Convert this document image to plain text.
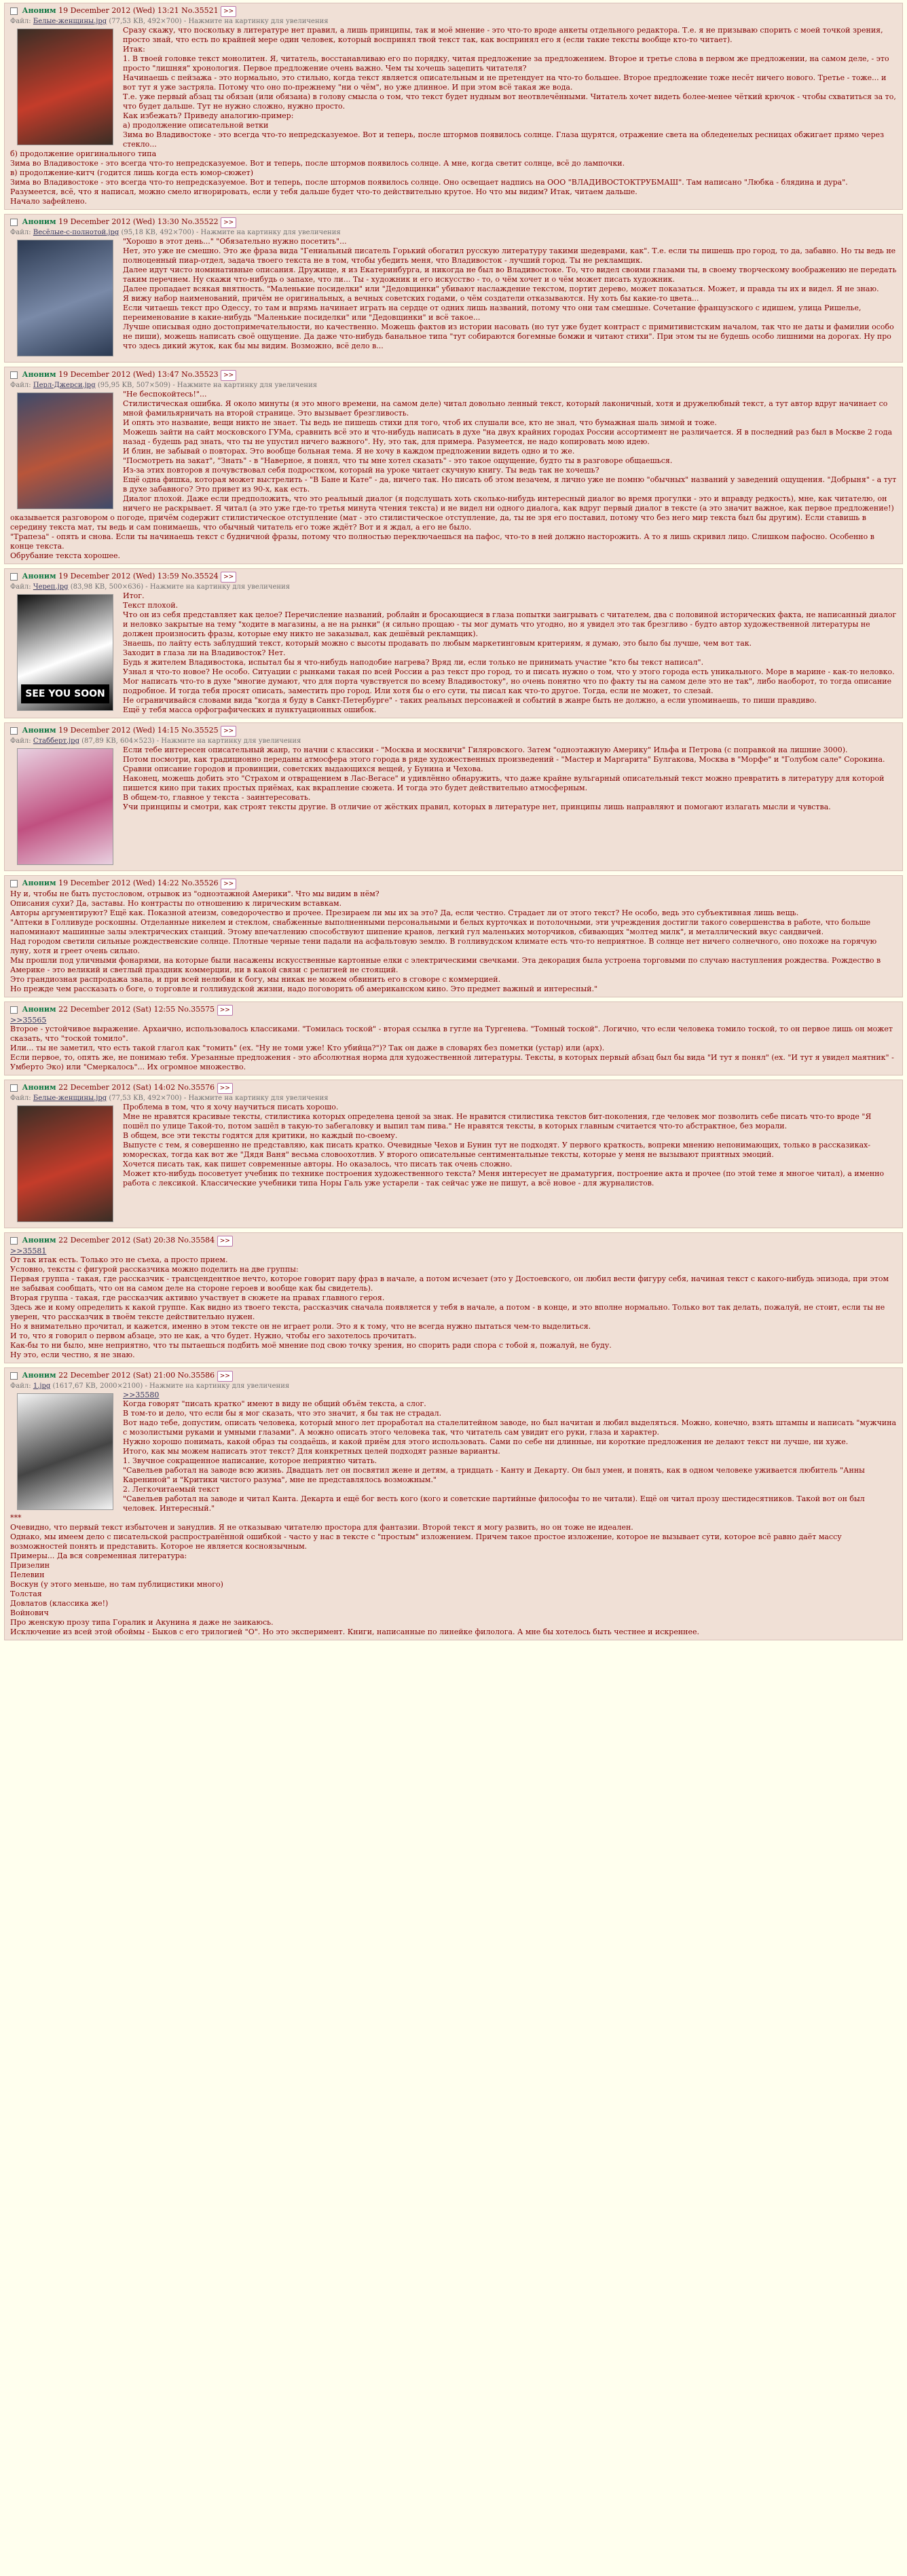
Аноним 19 December 2012 (Wed) 13:21 No.35521 >>
Файл: Белые-женщины.jpg (77,53 KB, 492×700) - Нажмите на картинку для увеличения
Сразу скажу, что поскольку в литературе нет правил, а лишь принципы, так и моё мнение - это что-то вроде анкеты отдельного редактора. Т.е. я не призываю спорить с моей точкой зрения, просто знай, что есть по крайней мере один человек, который воспринял твой текст так, как воспринял его я (если такие тексты вообще кто-то читает).
Итак:
1. В твоей головке текст монолитен. Я, читатель, восстанавливаю его по порядку, читая предложение за предложением. Второе и третье слова в первом же предложении, на самом деле, - это просто "лишняя" хронология. Первое предложение очень важно. Чем ты хочешь зацепить читателя?
Начинаешь с пейзажа - это нормально, это стильно, когда текст является описательным и не претендует на что-то большее. Второе предложение тоже несёт ничего нового. Третье - тоже... и вот тут я уже застряла. Потому что оно по-прежнему "ни о чём", но уже длинное. И при этом всё такая же вода.
Т.е. уже первый абзац ты обязан (или обязана) в голову смысла о том, что текст будет нудным вот неотвлечёнными. Читатель хочет видеть более-менее чёткий крючок - чтобы схватиться за то, что будет дальше. Тут не нужно сложно, нужно просто.
Как избежать? Приведу аналогию-пример:
а) продолжение описательной ветки
Зима во Владивостоке - это всегда что-то непредсказуемое. Вот и теперь, после штормов появилось солнце. Глаза щурятся, отражение света на обледенелых ресницах обжигает прямо через стекло...
б) продолжение оригинального типа
Зима во Владивостоке - это всегда что-то непредсказуемое. Вот и теперь, после штормов появилось солнце. А мне, когда светит солнце, всё до лампочки.
в) продолжение-китч (годится лишь когда есть юмор-сюжет)
Зима во Владивостоке - это всегда что-то непредсказуемое. Вот и теперь, после штормов появилось солнце. Оно освещает надпись на ООО "ВЛАДИВОСТОКТРУБМАШ". Там написано "Любка - блядина и дура".
Разумеется, всё, что я написал, можно смело игнорировать, если у тебя дальше будет что-то действительно крутое. Но что мы видим? Итак, читаем дальше.
Начало зафейлено.
Аноним 19 December 2012 (Wed) 13:30 No.35522 >>
Файл: Весёлые-с-полнотой.jpg (95,18 KB, 492×700) - Нажмите на картинку для увеличения
"Хорошо в этот день..." "Обязательно нужно посетить"...
Нет, это уже не смешно. Это же фраза вида "Гениальный писатель Горький обогатил русскую литературу такими шедеврами, как". Т.е. если ты пишешь про город, то да, забавно. Но ты ведь не полноценный пиар-отдел, задача твоего текста не в том, чтобы убедить меня, что Владивосток - лучший город. Ты не рекламщик.
Далее идут чисто номинативные описания. Дружище, я из Екатеринбурга, и никогда не был во Владивостоке. То, что видел своими глазами ты, в своему творческому воображению не передать таким перечнем. Ну скажи что-нибудь о запахе, что ли... Ты - художник и его искусство - то, о чём хочет и о чём может писать художник.
Далее пропадает всякая внятность. "Маленькие посиделки" или "Дедовщинки" убивают наслаждение текстом, портит дерево, может показаться. Может, и правда ты их и видел. Я не знаю.
Я вижу набор наименований, причём не оригинальных, а вечных советских годами, о чём создатели отказываются. Ну хоть бы какие-то цвета...
Если читаешь текст про Одессу, то там и впрямь начинает играть на сердце от одних лишь названий, потому что они там смешные. Сочетание французского с идишем, улица Ришелье, переименование в какие-нибудь "Маленькие посиделки" или "Дедовщинки" и всё такое...
Лучше описывая одно достопримечательности, но качественно. Можешь фактов из истории насовать (но тут уже будет контраст с примитивистским началом, так что не даты и фамилии особо не пиши), можешь написать своё ощущение. Да даже что-нибудь банальное типа "тут собираются богемные бомжи и читают стихи". При этом ты не будешь особо лишними на дорогах. Ну про что здесь дикий жуток, как бы мы видим. Возможно, всё дело в...
Аноним 19 December 2012 (Wed) 13:47 No.35523 >>
Файл: Перл-Джерси.jpg (95,95 KB, 507×509) - Нажмите на картинку для увеличения
"Не беспокойтесь!"...
Стилистическая ошибка. Я около минуты (я это много времени, на самом деле) читал довольно ленный текст, который лаконичный, хотя и дружелюбный текст, а тут автор вдруг начинает со мной фамильярничать на второй странице. Это вызывает брезгливость.
И опять это название, вещи никто не знает. Ты ведь не пишешь стихи для того, чтоб их слушали все, кто не знал, что бумажная шаль зимой и тоже.
Можешь зайти на сайт московского ГУМа, сравнить всё это и что-нибудь написать в духе "на двух крайних городах России ассортимент не различается. Я в последний раз был в Москве 2 года назад - будешь рад знать, что ты не упустил ничего важного". Ну, это так, для примера. Разумеется, не надо копировать мою идею.
И блин, не забывай о повторах. Это вообще больная тема. Я не хочу в каждом предложении видеть одно и то же.
"Посмотреть на закат", "Знать" - в "Наверное, я понял, что ты мне хотел сказать" - это такое ощущение, будто ты в разговоре общаешься.
Из-за этих повторов я почувствовал себя подростком, который на уроке читает скучную книгу. Ты ведь так не хочешь?
Ещё одна фишка, которая может выстрелить - "В Бане и Кате" - да, ничего так. Но писать об этом незачем, я лично уже не помню "обычных" названий у заведений ощущения. "Добрыня" - а тут в духе забавного? Это привет из 90-х, как есть.
Диалог плохой. Даже если предположить, что это реальный диалог (я подслушать хоть сколько-нибудь интересный диалог во время прогулки - это и вправду редкость), мне, как читателю, он ничего не раскрывает. Я читал (а это уже где-то третья минута чтения текста) и не видел ни одного диалога, как вдруг первый диалог в тексте (а это значит важное, как первое предложение!) оказывается разговором о погоде, причём содержит стилистическое отступление (мат - это стилистическое отступление, да, ты не зря его поставил, потому что без него мир текста был бы другим). Если ставишь в середину текста мат, ты ведь и сам понимаешь, что обычный читатель его тоже ждёт? Вот и я ждал, а его не было.
"Трапеза" - опять и снова. Если ты начинаешь текст с будничной фразы, потому что полностью переключаешься на пафос, что-то в ней должно насторожить. А то я лишь скривил лицо. Слишком пафосно. Особенно в конце текста.
Обрубание текста хорошее.
Аноним 19 December 2012 (Wed) 13:59 No.35524 >>
Файл: Череп.jpg (83,98 KB, 500×636) - Нажмите на картинку для увеличения
SEE YOU SOON
Итог.
Текст плохой.
Что он из себя представляет как целое? Перечисление названий, роблайн и бросающиеся в глаза попытки заигрывать с читателем, два с половиной исторических факта, не написанный диалог и неловко закрытые на тему "ходите в магазины, а не на рынки" (я сильно прощаю - ты мог думать что угодно, но я увидел это так брезгливо - будто автор художественной литературы не должен произносить фразы, которые ему никто не заказывал, как дешёвый рекламщик).
Знаешь, по лайту есть заблудший текст, который можно с высоты продавать по любым маркетинговым критериям, я думаю, это было бы лучше, чем вот так.
Заходит в глаза ли на Владивосток? Нет.
Будь я жителем Владивостока, испытал бы я что-нибудь наподобие нагрева? Вряд ли, если только не принимать участие "кто бы текст написал".
Узнал я что-то новое? Не особо. Ситуации с рынками такая по всей России а раз текст про город, то и писать нужно о том, что у этого города есть уникального. Море в марине - как-то неловко. Мог написать что-то в духе "многие думают, что для порта чувствуется по всему Владивостоку", но очень понятно что по факту ты на самом деле это не так", либо наоборот, то тогда описание подробное. И тогда тебя просят описать, заместить про город. Или хотя бы о его сути, ты писал как что-то другое. Тогда, если не может, то слезай.
Не ограничивайся словами вида "когда я буду в Санкт-Петербурге" - таких реальных персонажей и событий в жанре быть не должно, а если упоминаешь, то пиши правдиво.
Ещё у тебя масса орфографических и пунктуационных ошибок.
Аноним 19 December 2012 (Wed) 14:15 No.35525 >>
Файл: Стабберт.jpg (87,89 KB, 604×523) - Нажмите на картинку для увеличения
Если тебе интересен описательный жанр, то начни с классики - "Москва и москвичи" Гиляровского. Затем "одноэтажную Америку" Ильфа и Петрова (с поправкой на лишние 3000).
Потом посмотри, как традиционно переданы атмосфера этого города в ряде художественных произведений - "Мастер и Маргарита" Булгакова, Москва в "Морфе" и "Голубом сале" Сорокина.
Сравни описание городов и провинции, советских выдающихся вещей, у Бунина и Чехова.
Наконец, можешь добить это "Страхом и отвращением в Лас-Вегасе" и удивлённо обнаружить, что даже крайне вульгарный описательный текст можно превратить в литературу для которой пишется кино при таких простых приёмах, как вкрапление сюжета. И тогда это будет действительно атмосферным.
В общем-то, главное у текста - заинтересовать.
Учи принципы и смотри, как строят тексты другие. В отличие от жёстких правил, которых в литературе нет, принципы лишь направляют и помогают излагать мысли и чувства.
Аноним 19 December 2012 (Wed) 14:22 No.35526 >>
Ну и, чтобы не быть пустословом, отрывок из "одноэтажной Америки". Что мы видим в нём?
Описания сухи? Да, заставы. Но контрасты по отношению к лирическим вставкам.
Авторы аргументируют? Ещё как. Показной атеизм, соведорочество и прочее. Презираем ли мы их за это? Да, если честно. Страдает ли от этого текст? Не особо, ведь это субъективная лишь вещь.
"Аптеки в Голливуде роскошны. Отделанные никелем и стеклом, снабженные выполненными персональными и белых курточках и потолочными, эти учреждения достигли такого совершенства в работе, что больше напоминают машинные залы электрических станций. Этому впечатлению способствуют шипение кранов, легкий гул маленьких моторчиков, сбивающих "молтед милк", и металлический вкус сандвичей.
Над городом светили сильные рождественские солнце. Плотные черные тени падали на асфальтовую землю. В голливудском климате есть что-то неприятное. В солнце нет ничего солнечного, оно похоже на горячую луну, хотя и греет очень сильно.
Мы прошли под уличными фонарями, на которые были насажены искусственные картонные елки с электрическими свечками. Эта декорация была устроена торговыми по случаю наступления рождества. Рождество в Америке - это великий и светлый праздник коммерции, ни в какой связи с религией не стоящий.
Это грандиозная распродажа звала, и при всей нелюбви к богу, мы никак не можем обвинить его в сговоре с коммерцией.
Но прежде чем рассказать о боге, о торговле и голливудской жизни, надо поговорить об американском кино. Это предмет важный и интересный."
Аноним 22 December 2012 (Sat) 12:55 No.35575 >>
>>35565
Второе - устойчивое выражение. Архаично, использовалось классиками. "Томилась тоской" - вторая ссылка в гугле на Тургенева. "Томный тоской". Логично, что если человека томило тоской, то он первое лишь он может сказать, что "тоской томило".
Или... ты не заметил, что есть такой глагол как "томить" (ex. "Ну не томи уже! Кто убийца?")? Так он даже в словарях без пометки (устар) или (арх).
Если первое, то, опять же, не понимаю тебя. Урезанные предложения - это абсолютная норма для художественной литературы. Тексты, в которых первый абзац был бы вида "И тут я понял" (ex. "И тут я увидел маятник" - Умберто Эко) или "Смеркалось"... Их огромное множество.
Аноним 22 December 2012 (Sat) 14:02 No.35576 >>
Файл: Белые-женщины.jpg (77,53 KB, 492×700) - Нажмите на картинку для увеличения
Проблема в том, что я хочу научиться писать хорошо.
Мне не нравятся красивые тексты, стилистика которых определена ценой за знак. Не нравится стилистика текстов бит-поколения, где человек мог позволить себе писать что-то вроде "Я пошёл по улице Такой-то, потом зашёл в такую-то забегаловку и выпил там пива." Не нравятся тексты, в которых главным считается что-то абстрактное, без морали.
В общем, все эти тексты годятся для критики, но каждый по-своему.
Выпусте с тем, я совершенно не представляю, как писать кратко. Очевидные Чехов и Бунин тут не подходят. У первого краткость, вопреки мнению непонимающих, только в рассказиках-юморесках, тогда как вот же "Дядя Ваня" весьма словоохотлив. У второго описательные сентиментальные тексты, которые у меня не вызывают приятных эмоций.
Хочется писать так, как пишет современные авторы. Но оказалось, что писать так очень сложно.
Может кто-нибудь посоветует учебник по технике построения художественного текста? Меня интересует не драматургия, построение акта и прочее (по этой теме я многое читал), а именно работа с лексикой. Классические учебники типа Норы Галь уже устарели - так сейчас уже не пишут, а всё новое - для журналистов.
Аноним 22 December 2012 (Sat) 20:38 No.35584 >>
>>35581
От так итак есть. Только это не съеха, а просто прием.
Условно, тексты с фигурой рассказчика можно поделить на две группы:
Первая группа - такая, где рассказчик - трансцендентное нечто, которое говорит пару фраз в начале, а потом исчезает (это у Достоевского, он любил вести фигуру себя, начиная текст с какого-нибудь эпизода, при этом не забывая сообщать, что он на самом деле на стороне героев и вообще как бы свидетель).
Вторая группа - такая, где рассказчик активно участвует в сюжете на правах главного героя.
Здесь же и кому определить к какой группе. Как видно из твоего текста, рассказчик сначала появляется у тебя в начале, а потом - в конце, и это вполне нормально. Только вот так делать, пожалуй, не стоит, если ты не уверен, что рассказчик в твоём тексте действительно нужен.
Но я внимательно прочитал, и кажется, именно в этом тексте он не играет роли. Это я к тому, что не всегда нужно пытаться чем-то выделиться.
И то, что я говорил о первом абзаце, это не как, а что будет. Нужно, чтобы его захотелось прочитать.
Как-бы то ни было, мне неприятно, что ты пытаешься подбить моё мнение под свою точку зрения, но спорить ради спора с тобой я, пожалуй, не буду.
Ну это, если честно, я не знаю.
Аноним 22 December 2012 (Sat) 21:00 No.35586 >>
Файл: 1.jpg (1617,67 KB, 2000×2100) - Нажмите на картинку для увеличения
>>35580
Когда говорят "писать кратко" имеют в виду не общий объём текста, а слог.
В том-то и дело, что если бы я мог сказать, что это значит, я бы так не страдал.
Вот надо тебе, допустим, описать человека, который много лет проработал на сталелитейном заводе, но был начитан и любил выделяться. Можно, конечно, взять штампы и написать "мужчина с мозолистыми руками и умными глазами". А можно описать этого человека так, что читатель сам увидит его руки, глаза и характер.
Нужно хорошо понимать, какой образ ты создаёшь, и какой приём для этого использовать. Сами по себе ни длинные, ни короткие предложения не делают текст ни лучше, ни хуже.
Итого, как мы можем написать этот текст? Для конкретных целей подходят разные варианты.
1. Звучное сокращенное написание, которое неприятно читать.
"Савельев работал на заводе всю жизнь. Двадцать лет он посвятил жене и детям, а тридцать - Канту и Декарту. Он был умен, и понять, как в одном человеке уживается любитель "Анны Карениной" и "Критики чистого разума", мне не представлялось возможным."
2. Легкочитаемый текст
"Савельев работал на заводе и читал Канта. Декарта и ещё бог весть кого (кого и советские партийные философы то не читали). Ещё он читал прозу шестидесятников. Такой вот он был человек. Интересный."
***
Очевидно, что первый текст избыточен и занудлив. Я не отказываю читателю простора для фантазии. Второй текст я могу развить, но он тоже не идеален.
Однако, мы имеем дело с писательской распространённой ошибкой - часто у нас в тексте с "простым" изложением. Причем такое простое изложение, которое не вызывает сути, которое всё равно даёт массу возможностей понять и представить. Которое не является косноязычным.
Примеры... Да вся современная литература:
Призелин
Пелевин
Воскун (у этого меньше, но там публицистики много)
Толстая
Довлатов (классика же!)
Войнович
Про женскую прозу типа Горалик и Акунина я даже не заикаюсь.
Исключение из всей этой обоймы - Быков с его трилогией "О". Но это эксперимент. Книги, написанные по линейке филолога. А мне бы хотелось быть честнее и искреннее.
